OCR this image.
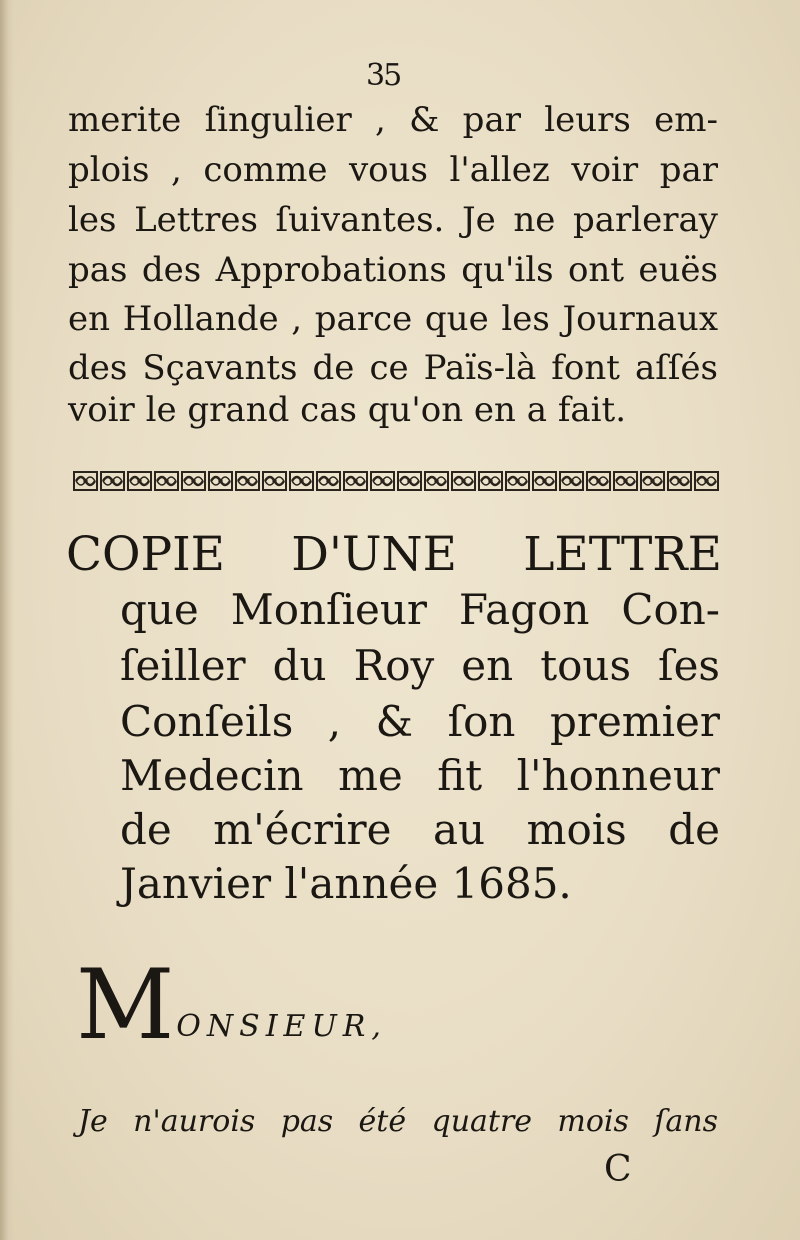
35
merite ſingulier , & par leurs em-
plois , comme vous l'allez voir par
les Lettres ſuivantes. Je ne parleray
pas des Approbations qu'ils ont euës
en Hollande , parce que les Journaux
des Sçavants de ce Païs-là font aſſés
voir le grand cas qu'on en a fait.
COPIE D'UNE LETTRE
que Monſieur Fagon Con-
ſeiller du Roy en tous ſes
Conſeils , & ſon premier
Medecin me fit l'honneur
de m'écrire au mois de
Janvier l'année 1685.
MONSIEUR,
Je n'aurois pas été quatre mois ſans
C
